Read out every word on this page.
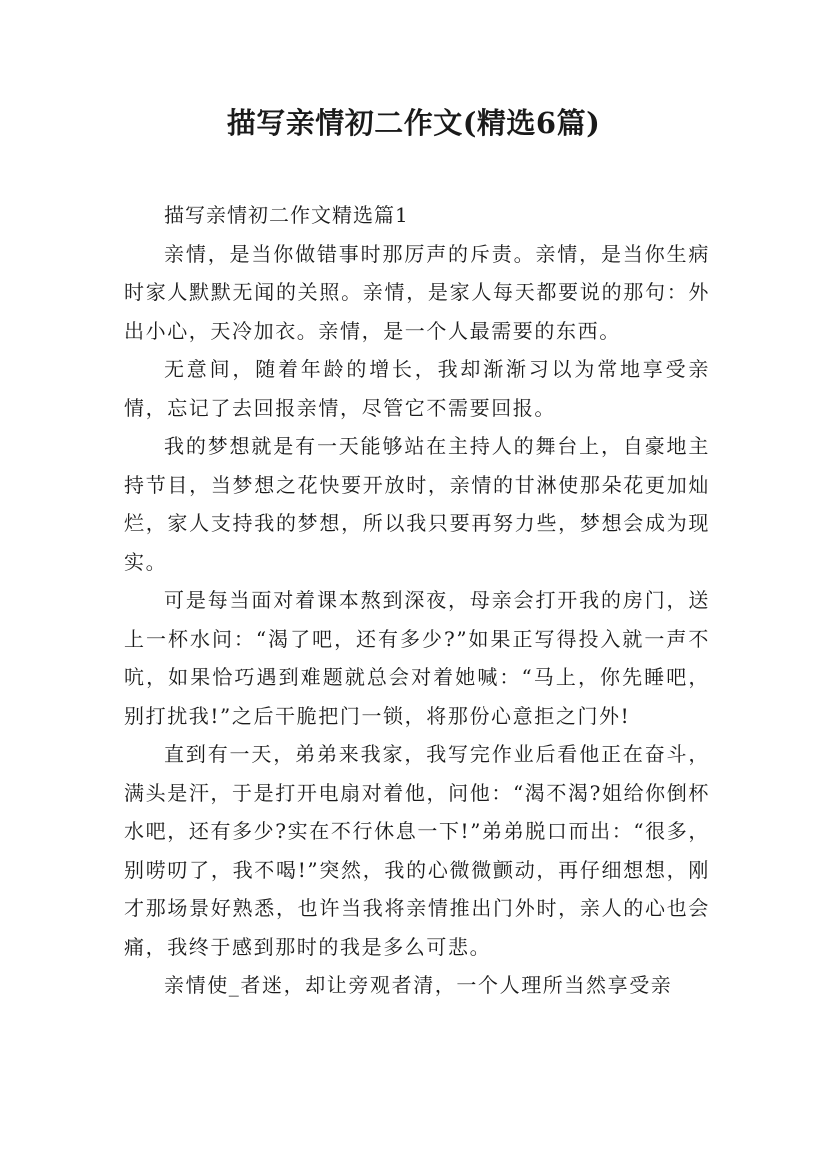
描写亲情初二作文(精选6篇)

描写亲情初二作文精选篇1

亲情，是当你做错事时那厉声的斥责。亲情，是当你生病时家人默默无闻的关照。亲情，是家人每天都要说的那句：外出小心，天冷加衣。亲情，是一个人最需要的东西。

无意间，随着年龄的增长，我却渐渐习以为常地享受亲情，忘记了去回报亲情，尽管它不需要回报。

我的梦想就是有一天能够站在主持人的舞台上，自豪地主持节目，当梦想之花快要开放时，亲情的甘淋使那朵花更加灿烂，家人支持我的梦想，所以我只要再努力些，梦想会成为现实。

可是每当面对着课本熬到深夜，母亲会打开我的房门，送上一杯水问：“渴了吧，还有多少?”如果正写得投入就一声不吭，如果恰巧遇到难题就总会对着她喊：“马上，你先睡吧，别打扰我!”之后干脆把门一锁，将那份心意拒之门外!

直到有一天，弟弟来我家，我写完作业后看他正在奋斗，满头是汗，于是打开电扇对着他，问他：“渴不渴?姐给你倒杯水吧，还有多少?实在不行休息一下!”弟弟脱口而出：“很多，别唠叨了，我不喝!”突然，我的心微微颤动，再仔细想想，刚才那场景好熟悉，也许当我将亲情推出门外时，亲人的心也会痛，我终于感到那时的我是多么可悲。

亲情使_者迷，却让旁观者清，一个人理所当然享受亲
